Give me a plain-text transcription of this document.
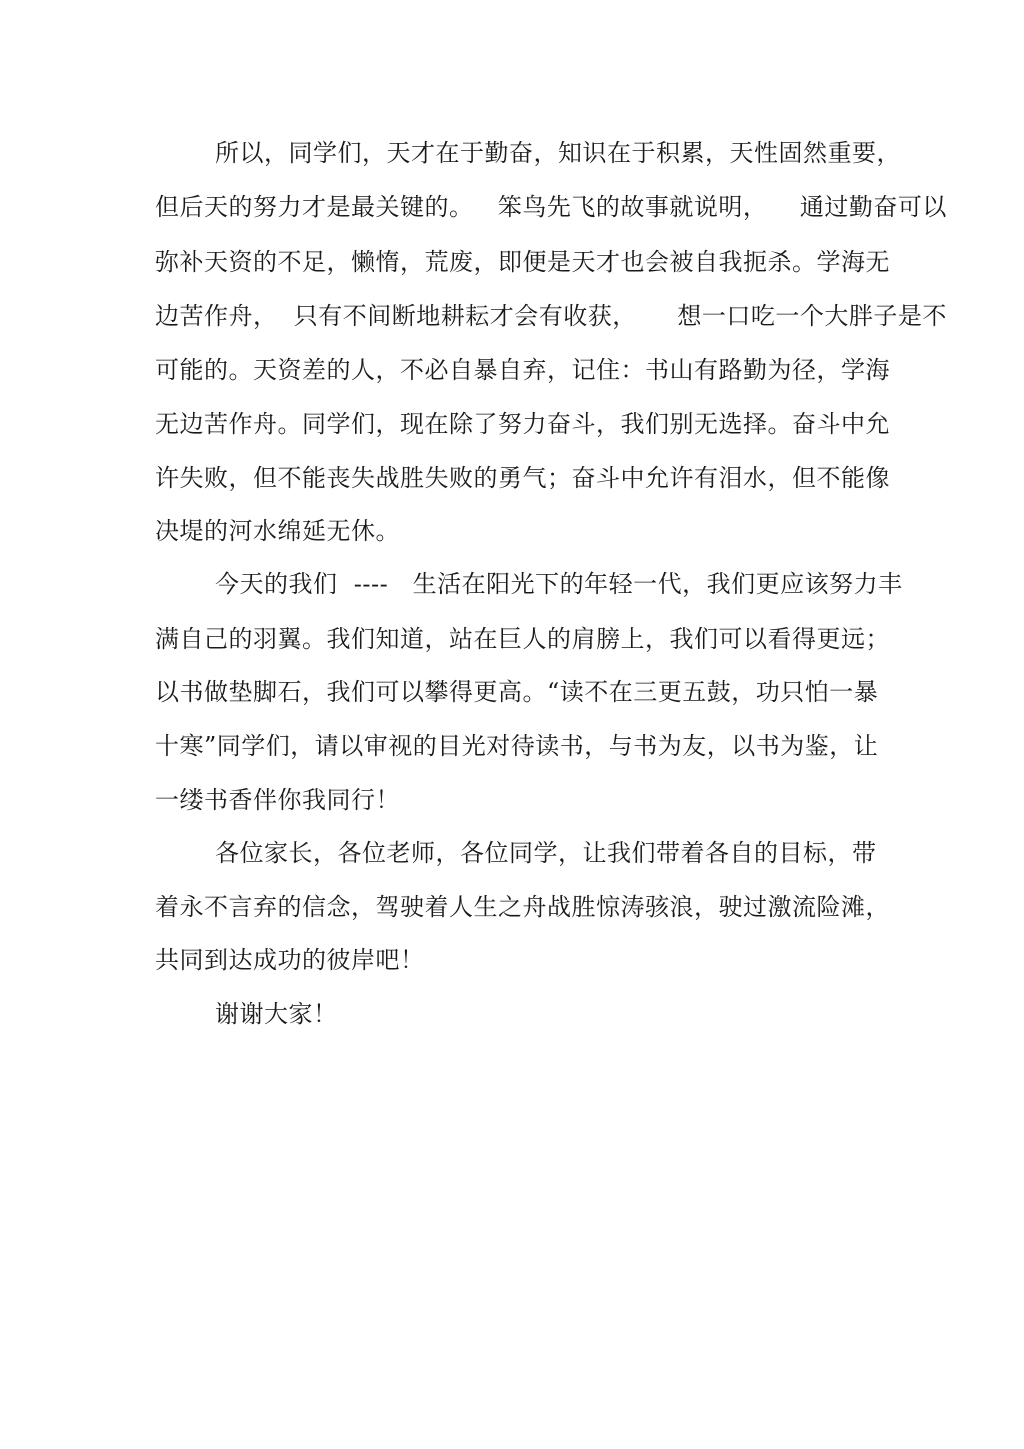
所以，同学们，天才在于勤奋，知识在于积累，天性固然重要，
但后天的努力才是最关键的。   笨鸟先飞的故事就说明，    通过勤奋可以
弥补天资的不足，懒惰，荒废，即便是天才也会被自我扼杀。学海无
边苦作舟，  只有不间断地耕耘才会有收获，     想一口吃一个大胖子是不
可能的。天资差的人，不必自暴自弃，记住：书山有路勤为径，学海
无边苦作舟。同学们，现在除了努力奋斗，我们别无选择。奋斗中允
许失败，但不能丧失战胜失败的勇气；奋斗中允许有泪水，但不能像
决堤的河水绵延无休。
今天的我们  ----   生活在阳光下的年轻一代，我们更应该努力丰
满自己的羽翼。我们知道，站在巨人的肩膀上，我们可以看得更远；
以书做垫脚石，我们可以攀得更高。“读不在三更五鼓，功只怕一暴
十寒”同学们，请以审视的目光对待读书，与书为友，以书为鉴，让
一缕书香伴你我同行！
各位家长，各位老师，各位同学，让我们带着各自的目标，带
着永不言弃的信念，驾驶着人生之舟战胜惊涛骇浪，驶过激流险滩，
共同到达成功的彼岸吧！
谢谢大家！
